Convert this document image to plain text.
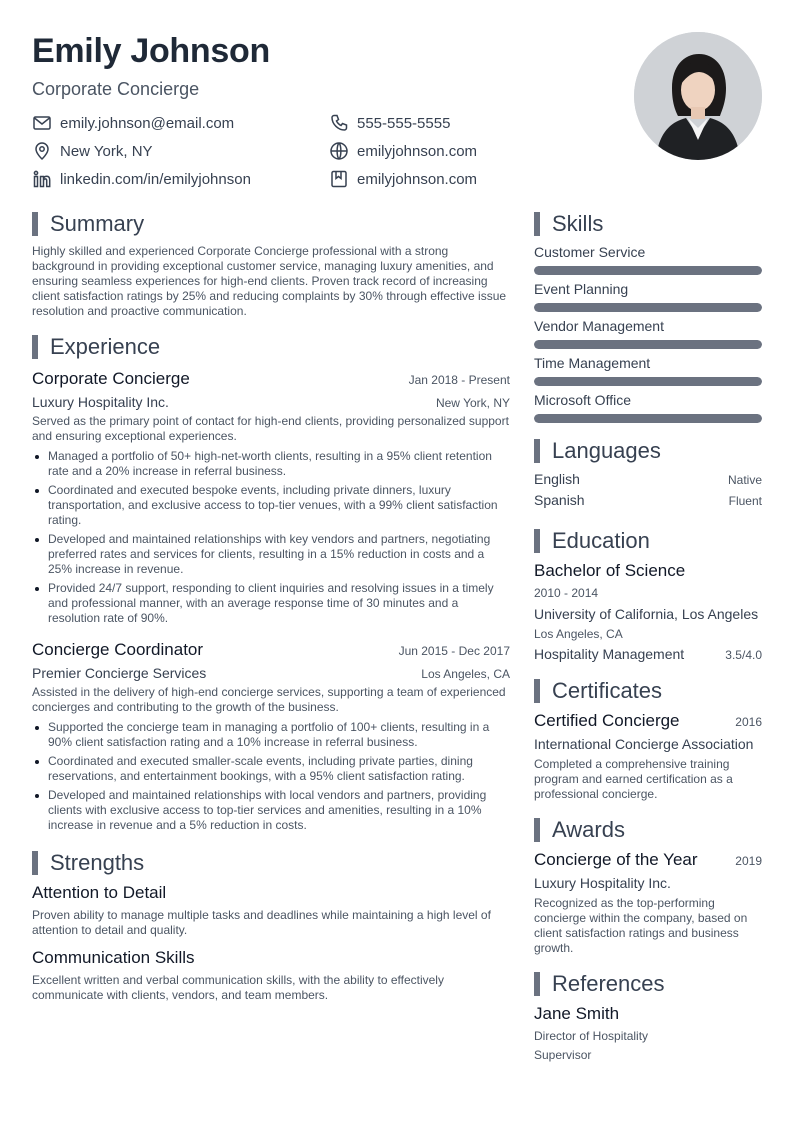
Emily Johnson
Corporate Concierge
emily.johnson@email.com	555-555-5555
New York, NY	emilyjohnson.com
linkedin.com/in/emilyjohnson	emilyjohnson.com
Summary

Highly skilled and experienced Corporate Concierge professional with a strong background in providing exceptional customer service, managing luxury amenities, and ensuring seamless experiences for high-end clients. Proven track record of increasing client satisfaction ratings by 25% and reducing complaints by 30% through effective issue resolution and proactive communication.

Experience
Corporate Concierge	Jan 2018 - Present
Luxury Hospitality Inc.	New York, NY

Served as the primary point of contact for high-end clients, providing personalized support and ensuring exceptional experiences.

Managed a portfolio of 50+ high-net-worth clients, resulting in a 95% client retention rate and a 20% increase in referral business.
Coordinated and executed bespoke events, including private dinners, luxury transportation, and exclusive access to top-tier venues, with a 99% client satisfaction rating.
Developed and maintained relationships with key vendors and partners, negotiating preferred rates and services for clients, resulting in a 15% reduction in costs and a 25% increase in revenue.
Provided 24/7 support, responding to client inquiries and resolving issues in a timely and professional manner, with an average response time of 30 minutes and a resolution rate of 90%.
Concierge Coordinator	Jun 2015 - Dec 2017
Premier Concierge Services	Los Angeles, CA

Assisted in the delivery of high-end concierge services, supporting a team of experienced concierges and contributing to the growth of the business.

Supported the concierge team in managing a portfolio of 100+ clients, resulting in a 90% client satisfaction rating and a 10% increase in referral business.
Coordinated and executed smaller-scale events, including private parties, dining reservations, and entertainment bookings, with a 95% client satisfaction rating.
Developed and maintained relationships with local vendors and partners, providing clients with exclusive access to top-tier services and amenities, resulting in a 10% increase in revenue and a 5% reduction in costs.
Strengths
Attention to Detail

Proven ability to manage multiple tasks and deadlines while maintaining a high level of attention to detail and quality.

Communication Skills

Excellent written and verbal communication skills, with the ability to effectively communicate with clients, vendors, and team members.

Skills
Customer Service
Event Planning
Vendor Management
Time Management
Microsoft Office
Languages
English	Native
Spanish	Fluent
Education
Bachelor of Science
2010 - 2014
University of California, Los Angeles
Los Angeles, CA
Hospitality Management	3.5/4.0
Certificates
Certified Concierge	2016
International Concierge Association
Completed a comprehensive training program and earned certification as a professional concierge.
Awards
Concierge of the Year	2019
Luxury Hospitality Inc.
Recognized as the top-performing concierge within the company, based on client satisfaction ratings and business growth.
References
Jane Smith
Director of Hospitality
Supervisor
